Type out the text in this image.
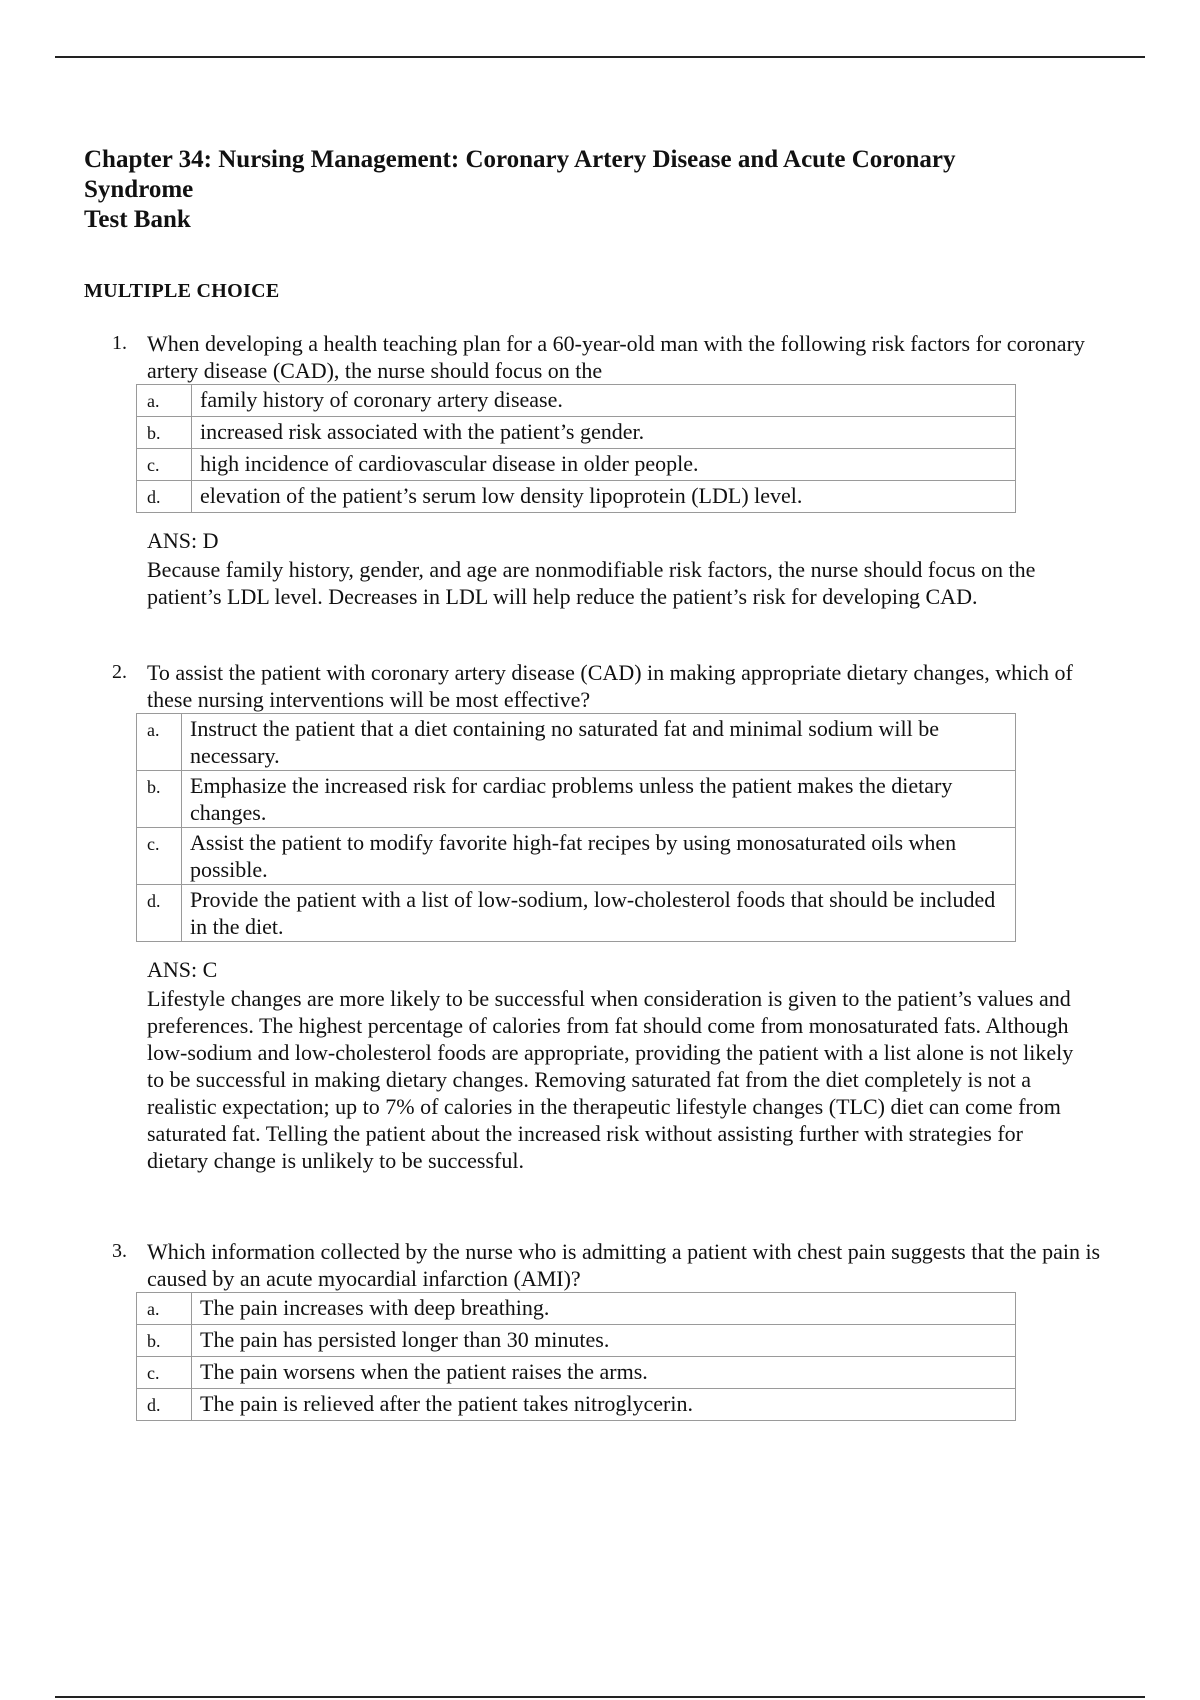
Chapter 34: Nursing Management: Coronary Artery Disease and Acute Coronary
Syndrome
Test Bank
MULTIPLE CHOICE
1. When developing a health teaching plan for a 60-year-old man with the following risk factors for coronary artery disease (CAD), the nurse should focus on the
a.	family history of coronary artery disease.
b.	increased risk associated with the patient’s gender.
c.	high incidence of cardiovascular disease in older people.
d.	elevation of the patient’s serum low density lipoprotein (LDL) level.
ANS: D
Because family history, gender, and age are nonmodifiable risk factors, the nurse should focus on the patient’s LDL level. Decreases in LDL will help reduce the patient’s risk for developing CAD.
2. To assist the patient with coronary artery disease (CAD) in making appropriate dietary changes, which of these nursing interventions will be most effective?
a.	Instruct the patient that a diet containing no saturated fat and minimal sodium will be necessary.
b.	Emphasize the increased risk for cardiac problems unless the patient makes the dietary changes.
c.	Assist the patient to modify favorite high-fat recipes by using monosaturated oils when possible.
d.	Provide the patient with a list of low-sodium, low-cholesterol foods that should be included in the diet.
ANS: C
Lifestyle changes are more likely to be successful when consideration is given to the patient’s values and preferences. The highest percentage of calories from fat should come from monosaturated fats. Although low-sodium and low-cholesterol foods are appropriate, providing the patient with a list alone is not likely to be successful in making dietary changes. Removing saturated fat from the diet completely is not a realistic expectation; up to 7% of calories in the therapeutic lifestyle changes (TLC) diet can come from saturated fat. Telling the patient about the increased risk without assisting further with strategies for dietary change is unlikely to be successful.
3. Which information collected by the nurse who is admitting a patient with chest pain suggests that the pain is caused by an acute myocardial infarction (AMI)?
a.	The pain increases with deep breathing.
b.	The pain has persisted longer than 30 minutes.
c.	The pain worsens when the patient raises the arms.
d.	The pain is relieved after the patient takes nitroglycerin.
